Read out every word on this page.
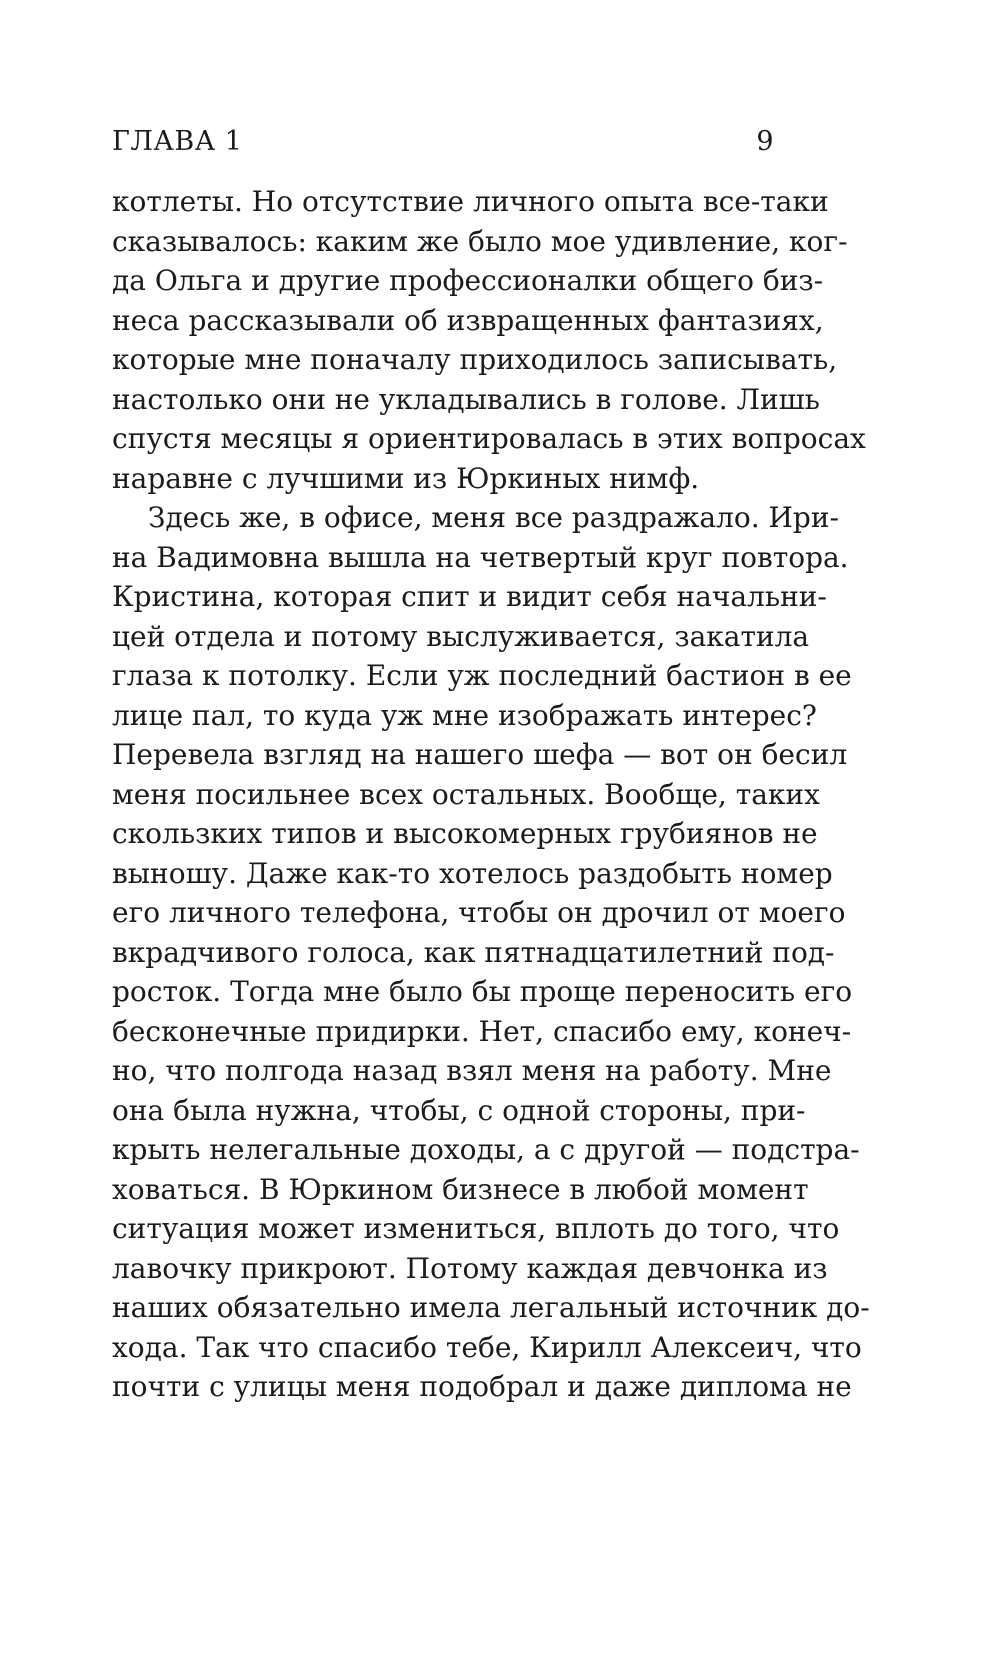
ГЛАВА 1	9
котлеты. Но отсутствие личного опыта все-таки
сказывалось: каким же было мое удивление, ког-
да Ольга и другие профессионалки общего биз-
неса рассказывали об извращенных фантазиях,
которые мне поначалу приходилось записывать,
настолько они не укладывались в голове. Лишь
спустя месяцы я ориентировалась в этих вопросах
наравне с лучшими из Юркиных нимф.
Здесь же, в офисе, меня все раздражало. Ири-
на Вадимовна вышла на четвертый круг повтора.
Кристина, которая спит и видит себя начальни-
цей отдела и потому выслуживается, закатила
глаза к потолку. Если уж последний бастион в ее
лице пал, то куда уж мне изображать интерес?
Перевела взгляд на нашего шефа — вот он бесил
меня посильнее всех остальных. Вообще, таких
скользких типов и высокомерных грубиянов не
выношу. Даже как-то хотелось раздобыть номер
его личного телефона, чтобы он дрочил от моего
вкрадчивого голоса, как пятнадцатилетний под-
росток. Тогда мне было бы проще переносить его
бесконечные придирки. Нет, спасибо ему, конеч-
но, что полгода назад взял меня на работу. Мне
она была нужна, чтобы, с одной стороны, при-
крыть нелегальные доходы, а с другой — подстра-
ховаться. В Юркином бизнесе в любой момент
ситуация может измениться, вплоть до того, что
лавочку прикроют. Потому каждая девчонка из
наших обязательно имела легальный источник до-
хода. Так что спасибо тебе, Кирилл Алексеич, что
почти с улицы меня подобрал и даже диплома не
